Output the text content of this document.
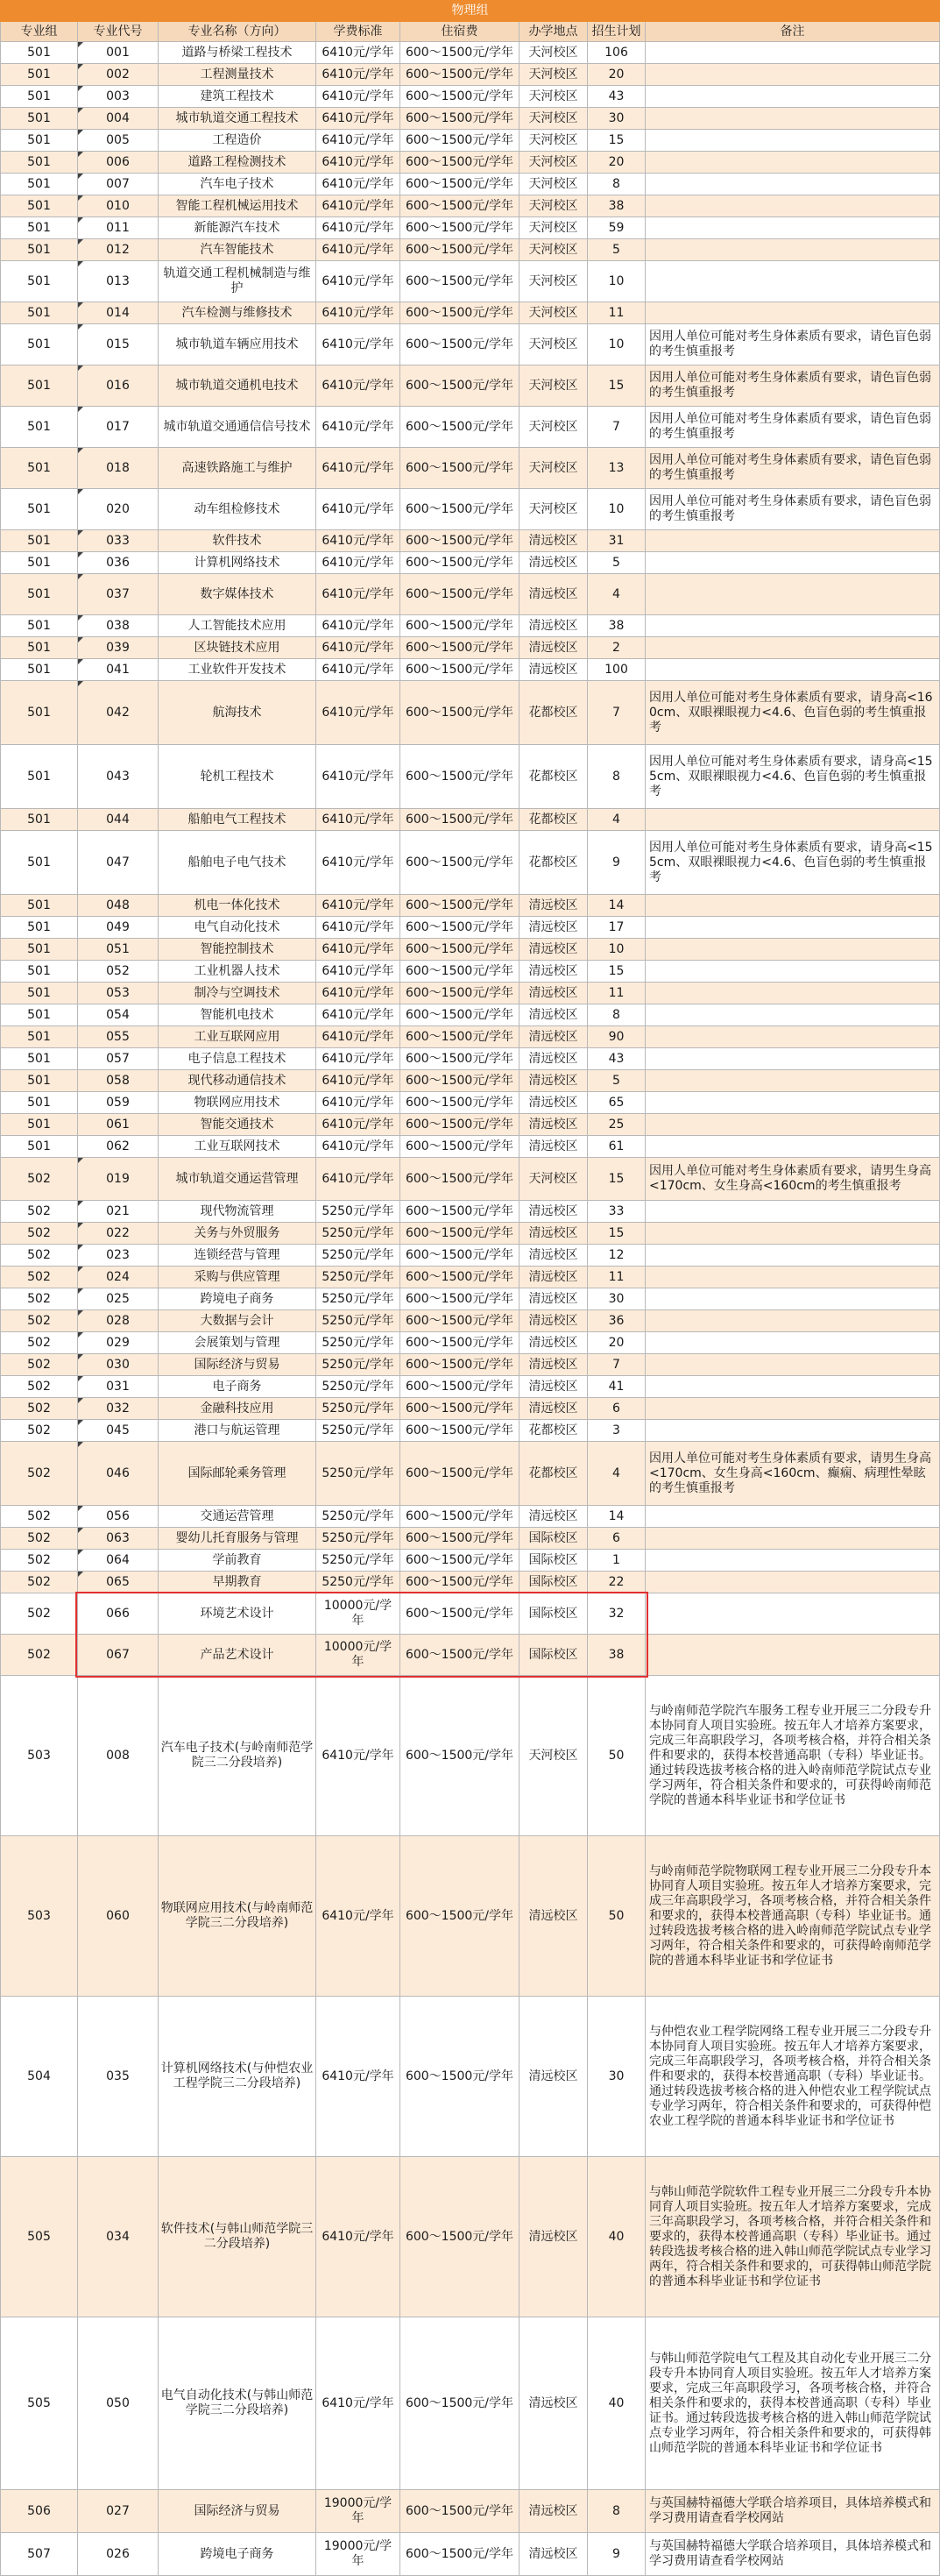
物理组							
专业组	专业代号	专业名称（方向）	学费标准	住宿费	办学地点	招生计划	备注
501	001	道路与桥梁工程技术	6410元/学年	600～1500元/学年	天河校区	106	
501	002	工程测量技术	6410元/学年	600～1500元/学年	天河校区	20	
501	003	建筑工程技术	6410元/学年	600～1500元/学年	天河校区	43	
501	004	城市轨道交通工程技术	6410元/学年	600～1500元/学年	天河校区	30	
501	005	工程造价	6410元/学年	600～1500元/学年	天河校区	15	
501	006	道路工程检测技术	6410元/学年	600～1500元/学年	天河校区	20	
501	007	汽车电子技术	6410元/学年	600～1500元/学年	天河校区	8	
501	010	智能工程机械运用技术	6410元/学年	600～1500元/学年	天河校区	38	
501	011	新能源汽车技术	6410元/学年	600～1500元/学年	天河校区	59	
501	012	汽车智能技术	6410元/学年	600～1500元/学年	天河校区	5	
501	013	轨道交通工程机械制造与维护	6410元/学年	600～1500元/学年	天河校区	10	
501	014	汽车检测与维修技术	6410元/学年	600～1500元/学年	天河校区	11	
501	015	城市轨道车辆应用技术	6410元/学年	600～1500元/学年	天河校区	10	因用人单位可能对考生身体素质有要求，请色盲色弱的考生慎重报考
501	016	城市轨道交通机电技术	6410元/学年	600～1500元/学年	天河校区	15	因用人单位可能对考生身体素质有要求，请色盲色弱的考生慎重报考
501	017	城市轨道交通通信信号技术	6410元/学年	600～1500元/学年	天河校区	7	因用人单位可能对考生身体素质有要求，请色盲色弱的考生慎重报考
501	018	高速铁路施工与维护	6410元/学年	600～1500元/学年	天河校区	13	因用人单位可能对考生身体素质有要求，请色盲色弱的考生慎重报考
501	020	动车组检修技术	6410元/学年	600～1500元/学年	天河校区	10	因用人单位可能对考生身体素质有要求，请色盲色弱的考生慎重报考
501	033	软件技术	6410元/学年	600～1500元/学年	清远校区	31	
501	036	计算机网络技术	6410元/学年	600～1500元/学年	清远校区	5	
501	037	数字媒体技术	6410元/学年	600～1500元/学年	清远校区	4	
501	038	人工智能技术应用	6410元/学年	600～1500元/学年	清远校区	38	
501	039	区块链技术应用	6410元/学年	600～1500元/学年	清远校区	2	
501	041	工业软件开发技术	6410元/学年	600～1500元/学年	清远校区	100	
501	042	航海技术	6410元/学年	600～1500元/学年	花都校区	7	因用人单位可能对考生身体素质有要求，请身高<160cm、双眼裸眼视力<4.6、色盲色弱的考生慎重报考
501	043	轮机工程技术	6410元/学年	600～1500元/学年	花都校区	8	因用人单位可能对考生身体素质有要求，请身高<155cm、双眼裸眼视力<4.6、色盲色弱的考生慎重报考
501	044	船舶电气工程技术	6410元/学年	600～1500元/学年	花都校区	4	
501	047	船舶电子电气技术	6410元/学年	600～1500元/学年	花都校区	9	因用人单位可能对考生身体素质有要求，请身高<155cm、双眼裸眼视力<4.6、色盲色弱的考生慎重报考
501	048	机电一体化技术	6410元/学年	600～1500元/学年	清远校区	14	
501	049	电气自动化技术	6410元/学年	600～1500元/学年	清远校区	17	
501	051	智能控制技术	6410元/学年	600～1500元/学年	清远校区	10	
501	052	工业机器人技术	6410元/学年	600～1500元/学年	清远校区	15	
501	053	制冷与空调技术	6410元/学年	600～1500元/学年	清远校区	11	
501	054	智能机电技术	6410元/学年	600～1500元/学年	清远校区	8	
501	055	工业互联网应用	6410元/学年	600～1500元/学年	清远校区	90	
501	057	电子信息工程技术	6410元/学年	600～1500元/学年	清远校区	43	
501	058	现代移动通信技术	6410元/学年	600～1500元/学年	清远校区	5	
501	059	物联网应用技术	6410元/学年	600～1500元/学年	清远校区	65	
501	061	智能交通技术	6410元/学年	600～1500元/学年	清远校区	25	
501	062	工业互联网技术	6410元/学年	600～1500元/学年	清远校区	61	
502	019	城市轨道交通运营管理	6410元/学年	600～1500元/学年	天河校区	15	因用人单位可能对考生身体素质有要求，请男生身高<170cm、女生身高<160cm的考生慎重报考
502	021	现代物流管理	5250元/学年	600～1500元/学年	清远校区	33	
502	022	关务与外贸服务	5250元/学年	600～1500元/学年	清远校区	15	
502	023	连锁经营与管理	5250元/学年	600～1500元/学年	清远校区	12	
502	024	采购与供应管理	5250元/学年	600～1500元/学年	清远校区	11	
502	025	跨境电子商务	5250元/学年	600～1500元/学年	清远校区	30	
502	028	大数据与会计	5250元/学年	600～1500元/学年	清远校区	36	
502	029	会展策划与管理	5250元/学年	600～1500元/学年	清远校区	20	
502	030	国际经济与贸易	5250元/学年	600～1500元/学年	清远校区	7	
502	031	电子商务	5250元/学年	600～1500元/学年	清远校区	41	
502	032	金融科技应用	5250元/学年	600～1500元/学年	清远校区	6	
502	045	港口与航运管理	5250元/学年	600～1500元/学年	花都校区	3	
502	046	国际邮轮乘务管理	5250元/学年	600～1500元/学年	花都校区	4	因用人单位可能对考生身体素质有要求，请男生身高<170cm、女生身高<160cm、癫痫、病理性晕眩的考生慎重报考
502	056	交通运营管理	5250元/学年	600～1500元/学年	清远校区	14	
502	063	婴幼儿托育服务与管理	5250元/学年	600～1500元/学年	国际校区	6	
502	064	学前教育	5250元/学年	600～1500元/学年	国际校区	1	
502	065	早期教育	5250元/学年	600～1500元/学年	国际校区	22	
502	066	环境艺术设计	10000元/学年	600～1500元/学年	国际校区	32	
502	067	产品艺术设计	10000元/学年	600～1500元/学年	国际校区	38	
503	008	汽车电子技术(与岭南师范学院三二分段培养)	6410元/学年	600～1500元/学年	天河校区	50	与岭南师范学院汽车服务工程专业开展三二分段专升本协同育人项目实验班。按五年人才培养方案要求，完成三年高职段学习，各项考核合格，并符合相关条件和要求的，获得本校普通高职（专科）毕业证书。通过转段选拔考核合格的进入岭南师范学院试点专业学习两年，符合相关条件和要求的，可获得岭南师范学院的普通本科毕业证书和学位证书
503	060	物联网应用技术(与岭南师范学院三二分段培养)	6410元/学年	600～1500元/学年	清远校区	50	与岭南师范学院物联网工程专业开展三二分段专升本协同育人项目实验班。按五年人才培养方案要求，完成三年高职段学习，各项考核合格，并符合相关条件和要求的，获得本校普通高职（专科）毕业证书。通过转段选拔考核合格的进入岭南师范学院试点专业学习两年，符合相关条件和要求的，可获得岭南师范学院的普通本科毕业证书和学位证书
504	035	计算机网络技术(与仲恺农业工程学院三二分段培养)	6410元/学年	600～1500元/学年	清远校区	30	与仲恺农业工程学院网络工程专业开展三二分段专升本协同育人项目实验班。按五年人才培养方案要求，完成三年高职段学习，各项考核合格，并符合相关条件和要求的，获得本校普通高职（专科）毕业证书。通过转段选拔考核合格的进入仲恺农业工程学院试点专业学习两年，符合相关条件和要求的，可获得仲恺农业工程学院的普通本科毕业证书和学位证书
505	034	软件技术(与韩山师范学院三二分段培养)	6410元/学年	600～1500元/学年	清远校区	40	与韩山师范学院软件工程专业开展三二分段专升本协同育人项目实验班。按五年人才培养方案要求，完成三年高职段学习，各项考核合格，并符合相关条件和要求的，获得本校普通高职（专科）毕业证书。通过转段选拔考核合格的进入韩山师范学院试点专业学习两年，符合相关条件和要求的，可获得韩山师范学院的普通本科毕业证书和学位证书
505	050	电气自动化技术(与韩山师范学院三二分段培养)	6410元/学年	600～1500元/学年	清远校区	40	与韩山师范学院电气工程及其自动化专业开展三二分段专升本协同育人项目实验班。按五年人才培养方案要求，完成三年高职段学习，各项考核合格，并符合相关条件和要求的，获得本校普通高职（专科）毕业证书。通过转段选拔考核合格的进入韩山师范学院试点专业学习两年，符合相关条件和要求的，可获得韩山师范学院的普通本科毕业证书和学位证书
506	027	国际经济与贸易	19000元/学年	600～1500元/学年	清远校区	8	与英国赫特福德大学联合培养项目，具体培养模式和学习费用请查看学校网站
507	026	跨境电子商务	19000元/学年	600～1500元/学年	清远校区	9	与英国赫特福德大学联合培养项目，具体培养模式和学习费用请查看学校网站
